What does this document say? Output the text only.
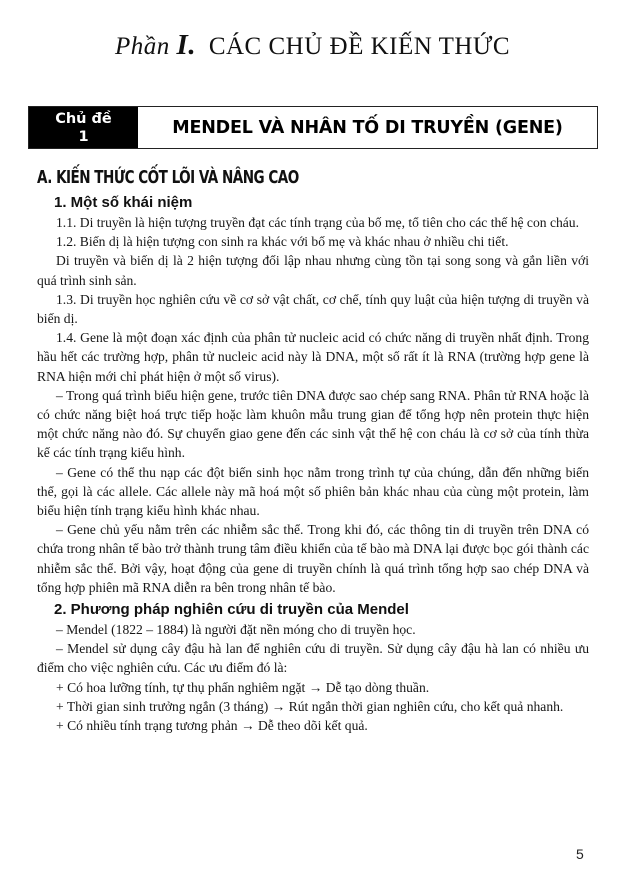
Phần I. CÁC CHỦ ĐỀ KIẾN THỨC
Chủ đề
1	MENDEL VÀ NHÂN TỐ DI TRUYỀN (GENE)
A. KIẾN THỨC CỐT LÕI VÀ NÂNG CAO
1. Một số khái niệm

1.1. Di truyền là hiện tượng truyền đạt các tính trạng của bố mẹ, tổ tiên cho các thế hệ con cháu.

1.2. Biến dị là hiện tượng con sinh ra khác với bố mẹ và khác nhau ở nhiều chi tiết.

Di truyền và biến dị là 2 hiện tượng đối lập nhau nhưng cùng tồn tại song song và gắn liền với quá trình sinh sản.

1.3. Di truyền học nghiên cứu về cơ sở vật chất, cơ chế, tính quy luật của hiện tượng di truyền và biến dị.

1.4. Gene là một đoạn xác định của phân tử nucleic acid có chức năng di truyền nhất định. Trong hầu hết các trường hợp, phân tử nucleic acid này là DNA, một số rất ít là RNA (trường hợp gene là RNA hiện mới chỉ phát hiện ở một số virus).

– Trong quá trình biểu hiện gene, trước tiên DNA được sao chép sang RNA. Phân tử RNA hoặc là có chức năng biệt hoá trực tiếp hoặc làm khuôn mẫu trung gian để tổng hợp nên protein thực hiện một chức năng nào đó. Sự chuyển giao gene đến các sinh vật thế hệ con cháu là cơ sở của tính thừa kế các tính trạng kiểu hình.

– Gene có thể thu nạp các đột biến sinh học nằm trong trình tự của chúng, dẫn đến những biến thể, gọi là các allele. Các allele này mã hoá một số phiên bản khác nhau của cùng một protein, làm biểu hiện tính trạng kiểu hình khác nhau.

– Gene chủ yếu nằm trên các nhiễm sắc thể. Trong khi đó, các thông tin di truyền trên DNA có chứa trong nhân tế bào trở thành trung tâm điều khiển của tế bào mà DNA lại được bọc gói thành các nhiễm sắc thể. Bởi vậy, hoạt động của gene di truyền chính là quá trình tổng hợp sao chép DNA và tổng hợp phiên mã RNA diễn ra bên trong nhân tế bào.

2. Phương pháp nghiên cứu di truyền của Mendel

– Mendel (1822 – 1884) là người đặt nền móng cho di truyền học.

– Mendel sử dụng cây đậu hà lan để nghiên cứu di truyền. Sử dụng cây đậu hà lan có nhiều ưu điểm cho việc nghiên cứu. Các ưu điểm đó là:

+ Có hoa lưỡng tính, tự thụ phấn nghiêm ngặt → Dễ tạo dòng thuần.

+ Thời gian sinh trưởng ngắn (3 tháng) → Rút ngắn thời gian nghiên cứu, cho kết quả nhanh.

+ Có nhiều tính trạng tương phản → Dễ theo dõi kết quả.

5
